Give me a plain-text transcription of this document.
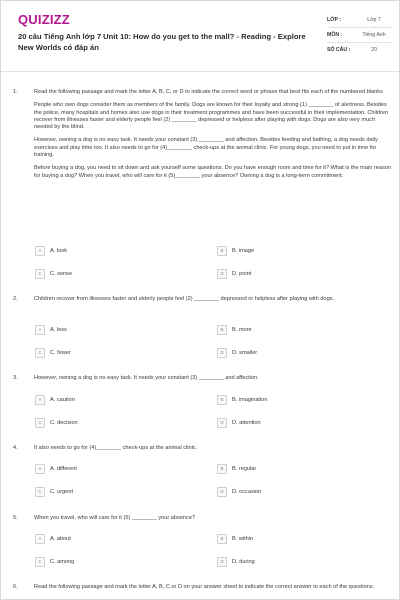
QUIZIZZ
20 câu Tiếng Anh lớp 7 Unit 10: How do you get to the mall? - Reading - Explore New Worlds có đáp án
LỚP :	Lớp 7
MÔN :	Tiếng Anh
SỐ CÂU :	20
1.	Read the following passage and mark the letter A, B, C, or D to indicate the correct word or phrase that best fits each of the numbered blanks
People who own dogs consider them as members of the family. Dogs are known for their loyalty and strong (1) ________ of alertness. Besides the police, many hospitals and homes also use dogs in their treatment programmes and have been successful in their implementation. Children recover from illnesses faster and elderly people feel (2) ________ depressed or helpless after playing with dogs. Dogs are also very much needed by the blind.
However, owning a dog is no easy task. It needs your constant (3) ________ and affection. Besides feeding and bathing, a dog needs daily exercises and play time too. It also needs to go for (4)________ check-ups at the animal clinic. For young dogs, you need to put in time for training.
Before buying a dog, you need to sit down and ask yourself some questions. Do you have enough room and time for it? What is the main reason for buying a dog? When you travel, who will care for it (5)________ your absence? Owning a dog is a long-term commitment.
A	A. look	B	B. image
C	C. sense	D	D. point
2.	Children recover from illnesses faster and elderly people feel (2) ________ depressed or helpless after playing with dogs.
A	A. less	B	B. more
C	C. fewer	D	D. smaller
3.	However, owning a dog is no easy task. It needs your constant (3) ________ and affection.
A	A. caution	B	B. imagination
C	C. decision	D	D. attention
4.	It also needs to go for (4)________ check-ups at the animal clinic.
A	A. different	B	B. regular
C	C. urgent	D	D. occasion
5.	When you travel, who will care for it (5) ________ your absence?
A	A. about	B	B. within
C	C. among	D	D. during
6.	Read the following passage and mark the letter A, B, C or D on your answer sheet to indicate the correct answer to each of the questions.
